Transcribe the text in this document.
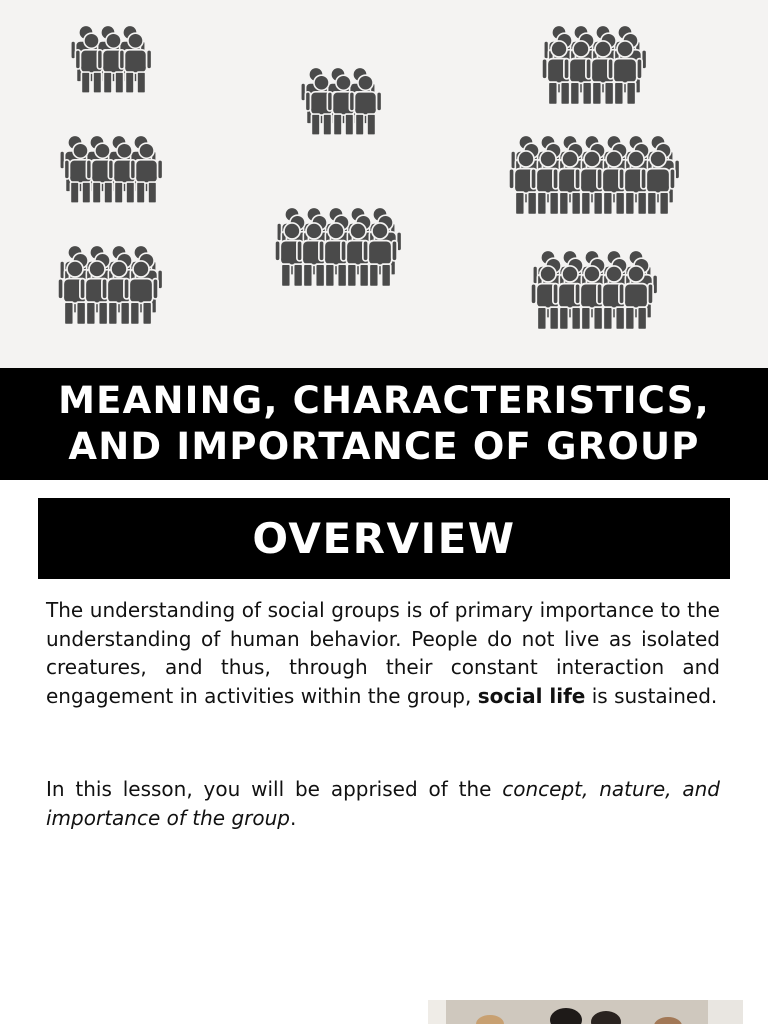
MEANING, CHARACTERISTICS,
AND IMPORTANCE OF GROUP
OVERVIEW

The understanding of social groups is of primary importance to the understanding of human behavior. People do not live as isolated creatures, and thus, through their constant interaction and engagement in activities within the group, social life is sustained.

In this lesson, you will be apprised of the concept, nature, and importance of the group.
